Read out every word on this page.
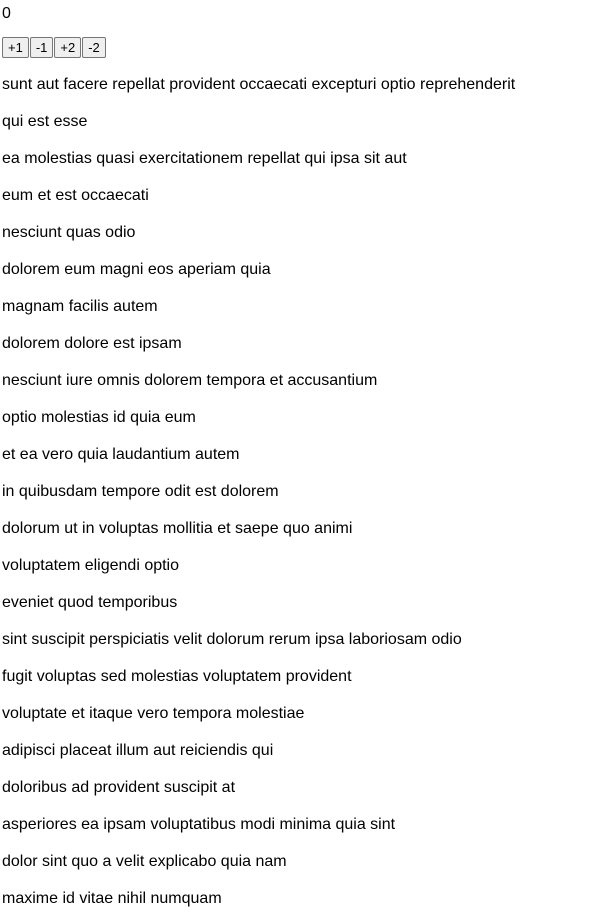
0
+1	-1	+2	-2
sunt aut facere repellat provident occaecati excepturi optio reprehenderit
qui est esse
ea molestias quasi exercitationem repellat qui ipsa sit aut
eum et est occaecati
nesciunt quas odio
dolorem eum magni eos aperiam quia
magnam facilis autem
dolorem dolore est ipsam
nesciunt iure omnis dolorem tempora et accusantium
optio molestias id quia eum
et ea vero quia laudantium autem
in quibusdam tempore odit est dolorem
dolorum ut in voluptas mollitia et saepe quo animi
voluptatem eligendi optio
eveniet quod temporibus
sint suscipit perspiciatis velit dolorum rerum ipsa laboriosam odio
fugit voluptas sed molestias voluptatem provident
voluptate et itaque vero tempora molestiae
adipisci placeat illum aut reiciendis qui
doloribus ad provident suscipit at
asperiores ea ipsam voluptatibus modi minima quia sint
dolor sint quo a velit explicabo quia nam
maxime id vitae nihil numquam
